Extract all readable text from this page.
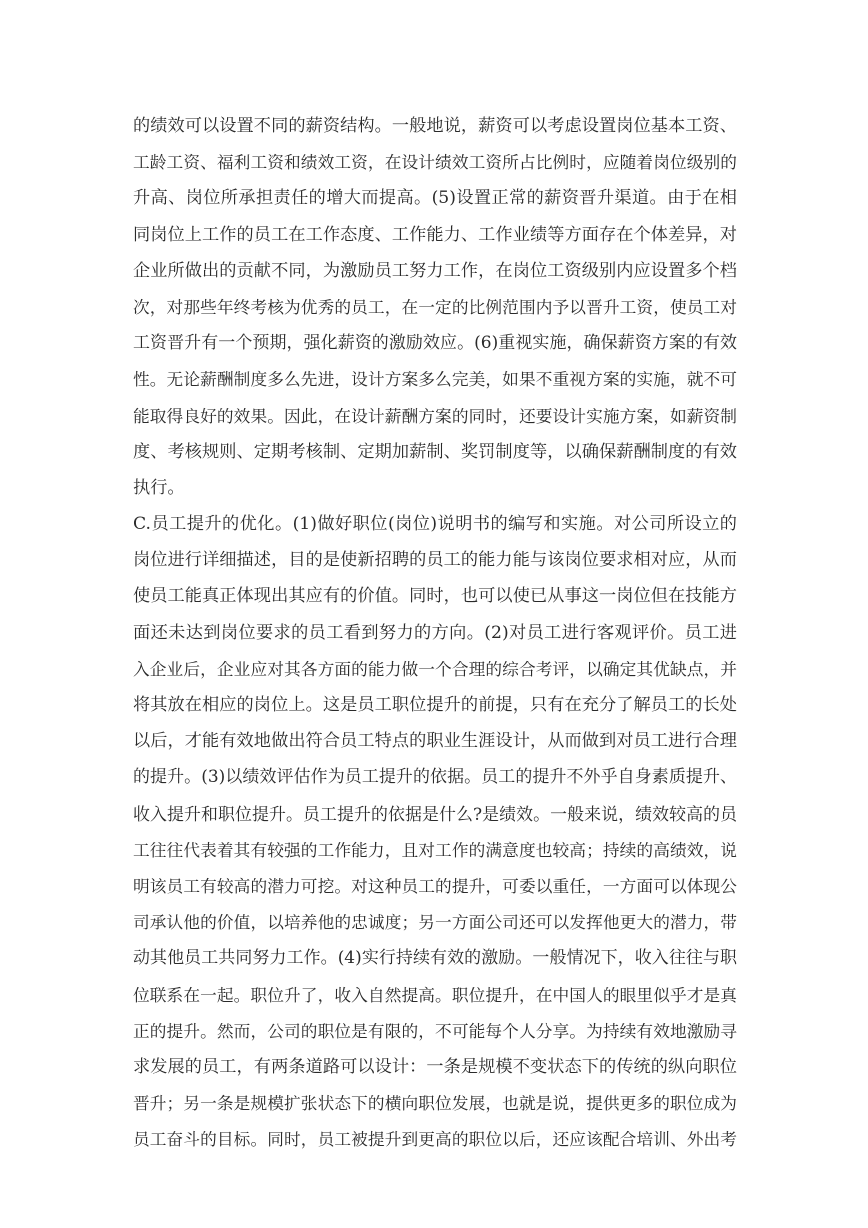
的绩效可以设置不同的薪资结构。一般地说，薪资可以考虑设置岗位基本工资、
工龄工资、福利工资和绩效工资，在设计绩效工资所占比例时，应随着岗位级别的
升高、岗位所承担责任的增大而提高。(5)设置正常的薪资晋升渠道。由于在相
同岗位上工作的员工在工作态度、工作能力、工作业绩等方面存在个体差异，对
企业所做出的贡献不同，为激励员工努力工作，在岗位工资级别内应设置多个档
次，对那些年终考核为优秀的员工，在一定的比例范围内予以晋升工资，使员工对
工资晋升有一个预期，强化薪资的激励效应。(6)重视实施，确保薪资方案的有效
性。无论薪酬制度多么先进，设计方案多么完美，如果不重视方案的实施，就不可
能取得良好的效果。因此，在设计薪酬方案的同时，还要设计实施方案，如薪资制
度、考核规则、定期考核制、定期加薪制、奖罚制度等，以确保薪酬制度的有效
执行。
C.员工提升的优化。(1)做好职位(岗位)说明书的编写和实施。对公司所设立的
岗位进行详细描述，目的是使新招聘的员工的能力能与该岗位要求相对应，从而
使员工能真正体现出其应有的价值。同时，也可以使已从事这一岗位但在技能方
面还未达到岗位要求的员工看到努力的方向。(2)对员工进行客观评价。员工进
入企业后，企业应对其各方面的能力做一个合理的综合考评，以确定其优缺点，并
将其放在相应的岗位上。这是员工职位提升的前提，只有在充分了解员工的长处
以后，才能有效地做出符合员工特点的职业生涯设计，从而做到对员工进行合理
的提升。(3)以绩效评估作为员工提升的依据。员工的提升不外乎自身素质提升、
收入提升和职位提升。员工提升的依据是什么?是绩效。一般来说，绩效较高的员
工往往代表着其有较强的工作能力，且对工作的满意度也较高；持续的高绩效，说
明该员工有较高的潜力可挖。对这种员工的提升，可委以重任，一方面可以体现公
司承认他的价值，以培养他的忠诚度；另一方面公司还可以发挥他更大的潜力，带
动其他员工共同努力工作。(4)实行持续有效的激励。一般情况下，收入往往与职
位联系在一起。职位升了，收入自然提高。职位提升，在中国人的眼里似乎才是真
正的提升。然而，公司的职位是有限的，不可能每个人分享。为持续有效地激励寻
求发展的员工，有两条道路可以设计：一条是规模不变状态下的传统的纵向职位
晋升；另一条是规模扩张状态下的横向职位发展，也就是说，提供更多的职位成为
员工奋斗的目标。同时，员工被提升到更高的职位以后，还应该配合培训、外出考
